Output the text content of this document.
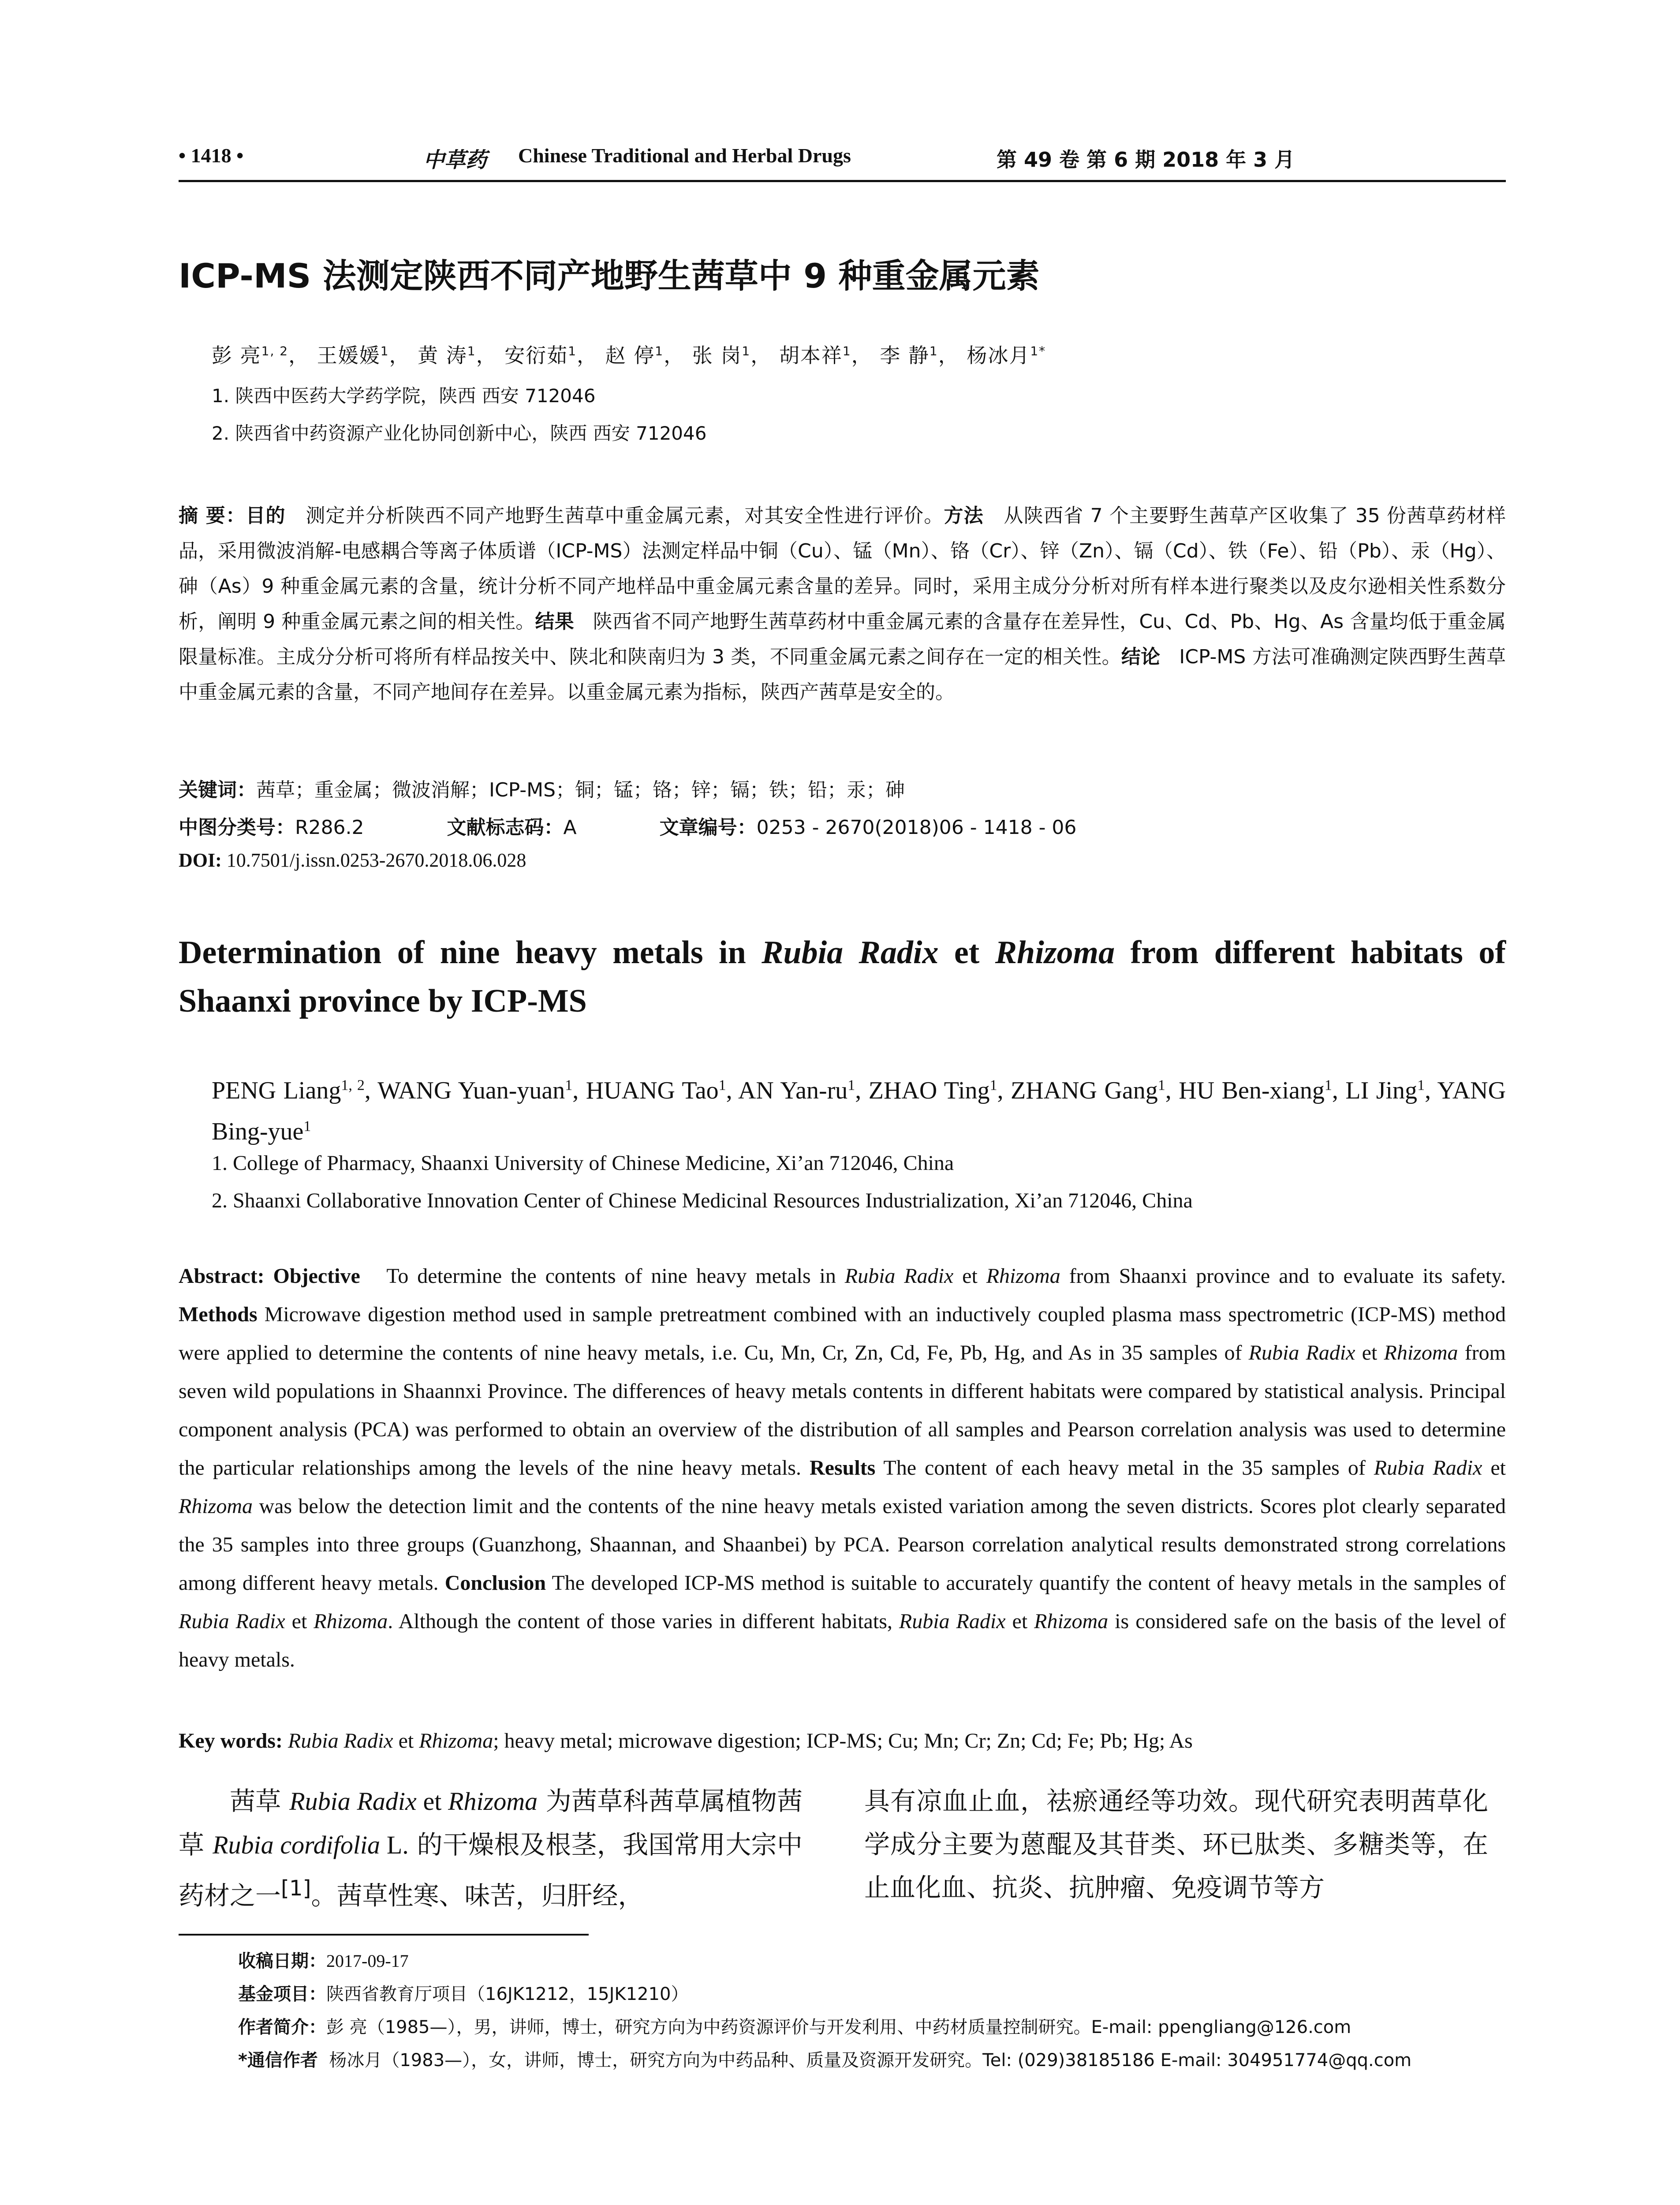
• 1418 •	中草药 Chinese Traditional and Herbal Drugs	第 49 卷 第 6 期 2018 年 3 月
ICP-MS 法测定陕西不同产地野生茜草中 9 种重金属元素
彭 亮$^{1, 2}$， 王媛媛$^1$， 黄 涛$^1$， 安衍茹$^1$， 赵 停$^1$， 张 岗$^1$， 胡本祥$^1$， 李 静$^1$， 杨冰月$^{1*}$
1. 陕西中医药大学药学院，陕西 西安 712046
2. 陕西省中药资源产业化协同创新中心，陕西 西安 712046
摘 要：目的 测定并分析陕西不同产地野生茜草中重金属元素，对其安全性进行评价。方法 从陕西省 7 个主要野生茜草产区收集了 35 份茜草药材样品，采用微波消解-电感耦合等离子体质谱（ICP-MS）法测定样品中铜（Cu）、锰（Mn）、铬（Cr）、锌（Zn）、镉（Cd）、铁（Fe）、铅（Pb）、汞（Hg）、砷（As）9 种重金属元素的含量，统计分析不同产地样品中重金属元素含量的差异。同时，采用主成分分析对所有样本进行聚类以及皮尔逊相关性系数分析，阐明 9 种重金属元素之间的相关性。结果 陕西省不同产地野生茜草药材中重金属元素的含量存在差异性，Cu、Cd、Pb、Hg、As 含量均低于重金属限量标准。主成分分析可将所有样品按关中、陕北和陕南归为 3 类，不同重金属元素之间存在一定的相关性。结论 ICP-MS 方法可准确测定陕西野生茜草中重金属元素的含量，不同产地间存在差异。以重金属元素为指标，陕西产茜草是安全的。
关键词：茜草；重金属；微波消解；ICP-MS；铜；锰；铬；锌；镉；铁；铅；汞；砷
中图分类号：R286.2	文献标志码：A	文章编号：0253 - 2670(2018)06 - 1418 - 06
DOI: 10.7501/j.issn.0253-2670.2018.06.028
Determination of nine heavy metals in Rubia Radix et Rhizoma from different habitats of Shaanxi province by ICP-MS
PENG Liang$^{1, 2}$, WANG Yuan-yuan$^1$, HUANG Tao$^1$, AN Yan-$ru^1$, ZHAO Ting$^1$, ZHANG Gang$^1$, HU Ben-xiang$^1$, LI Jing$^1$, YANG Bing-yue$^1$
1. College of Pharmacy, Shaanxi University of Chinese Medicine, Xi’an 712046, China
2. Shaanxi Collaborative Innovation Center of Chinese Medicinal Resources Industrialization, Xi’an 712046, China
Abstract: Objective To determine the contents of nine heavy metals in Rubia Radix et Rhizoma from Shaanxi province and to evaluate its safety. Methods Microwave digestion method used in sample pretreatment combined with an inductively coupled plasma mass spectrometric (ICP-MS) method were applied to determine the contents of nine heavy metals, i.e. Cu, Mn, Cr, Zn, Cd, Fe, Pb, Hg, and As in 35 samples of Rubia Radix et Rhizoma from seven wild populations in Shaannxi Province. The differences of heavy metals contents in different habitats were compared by statistical analysis. Principal component analysis (PCA) was performed to obtain an overview of the distribution of all samples and Pearson correlation analysis was used to determine the particular relationships among the levels of the nine heavy metals. Results The content of each heavy metal in the 35 samples of Rubia Radix et Rhizoma was below the detection limit and the contents of the nine heavy metals existed variation among the seven districts. Scores plot clearly separated the 35 samples into three groups (Guanzhong, Shaannan, and Shaanbei) by PCA. Pearson correlation analytical results demonstrated strong correlations among different heavy metals. Conclusion The developed ICP-MS method is suitable to accurately quantify the content of heavy metals in the samples of Rubia Radix et Rhizoma. Although the content of those varies in different habitats, Rubia Radix et Rhizoma is considered safe on the basis of the level of heavy metals.
Key words: Rubia Radix et Rhizoma; heavy metal; microwave digestion; ICP-MS; Cu; Mn; Cr; Zn; Cd; Fe; Pb; Hg; As
茜草 Rubia Radix et Rhizoma 为茜草科茜草属植物茜草 Rubia cordifolia L. 的干燥根及根茎，我国常用大宗中药材之一[1]。茜草性寒、味苦，归肝经，
具有凉血止血，祛瘀通经等功效。现代研究表明茜草化学成分主要为蒽醌及其苷类、环已肽类、多糖类等，在止血化血、抗炎、抗肿瘤、免疫调节等方
收稿日期：2017-09-17
基金项目：陕西省教育厅项目（16JK1212，15JK1210）
作者简介：彭 亮（1985—），男，讲师，博士，研究方向为中药资源评价与开发利用、中药材质量控制研究。E-mail: ppengliang@126.com
*通信作者 杨冰月（1983—），女，讲师，博士，研究方向为中药品种、质量及资源开发研究。Tel: (029)38185186 E-mail: 304951774@qq.com
